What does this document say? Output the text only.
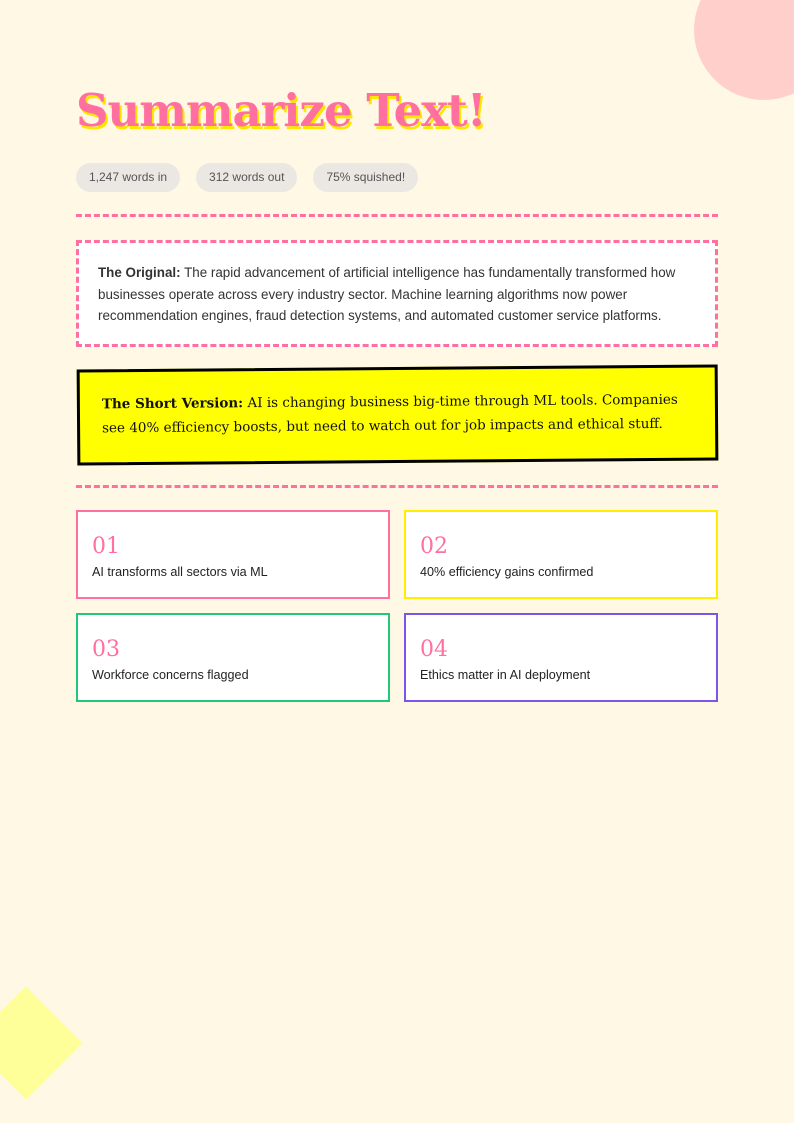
Summarize Text!
1,247 words in	312 words out	75% squished!
The Original: The rapid advancement of artificial intelligence has fundamentally transformed how businesses operate across every industry sector. Machine learning algorithms now power recommendation engines, fraud detection systems, and automated customer service platforms.
The Short Version: AI is changing business big-time through ML tools. Companies see 40% efficiency boosts, but need to watch out for job impacts and ethical stuff.
01
AI transforms all sectors via ML
02
40% efficiency gains confirmed
03
Workforce concerns flagged
04
Ethics matter in AI deployment
